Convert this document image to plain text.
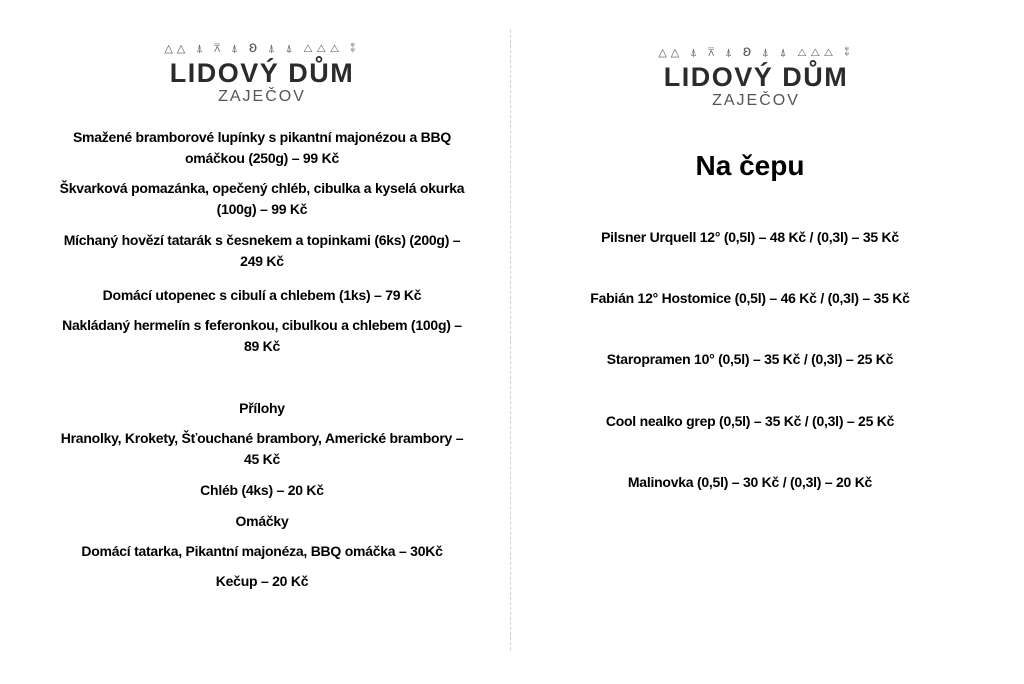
△△ ⍋ ⩞ ⍋ ʚ ⍋ ⍋ △△△ ⁑
LIDOVÝ DŮM
ZAJEČOV
△△ ⍋ ⩞ ⍋ ʚ ⍋ ⍋ △△△ ⁑
LIDOVÝ DŮM
ZAJEČOV
Smažené bramborové lupínky s pikantní majonézou a BBQ omáčkou (250g) – 99 Kč
Škvarková pomazánka, opečený chléb, cibulka a kyselá okurka (100g) – 99 Kč
Míchaný hovězí tatarák s česnekem a topinkami (6ks) (200g) – 249 Kč
Domácí utopenec s cibulí a chlebem (1ks) – 79 Kč
Nakládaný hermelín s feferonkou, cibulkou a chlebem (100g) – 89 Kč
Přílohy
Hranolky, Krokety, Šťouchané brambory, Americké brambory – 45 Kč
Chléb (4ks) – 20 Kč
Omáčky
Domácí tatarka, Pikantní majonéza, BBQ omáčka – 30Kč
Kečup – 20 Kč
Na čepu
Pilsner Urquell 12° (0,5l) – 48 Kč / (0,3l) – 35 Kč
Fabián 12° Hostomice (0,5l) – 46 Kč / (0,3l) – 35 Kč
Staropramen 10° (0,5l) – 35 Kč / (0,3l) – 25 Kč
Cool nealko grep (0,5l) – 35 Kč / (0,3l) – 25 Kč
Malinovka (0,5l) – 30 Kč / (0,3l) – 20 Kč
